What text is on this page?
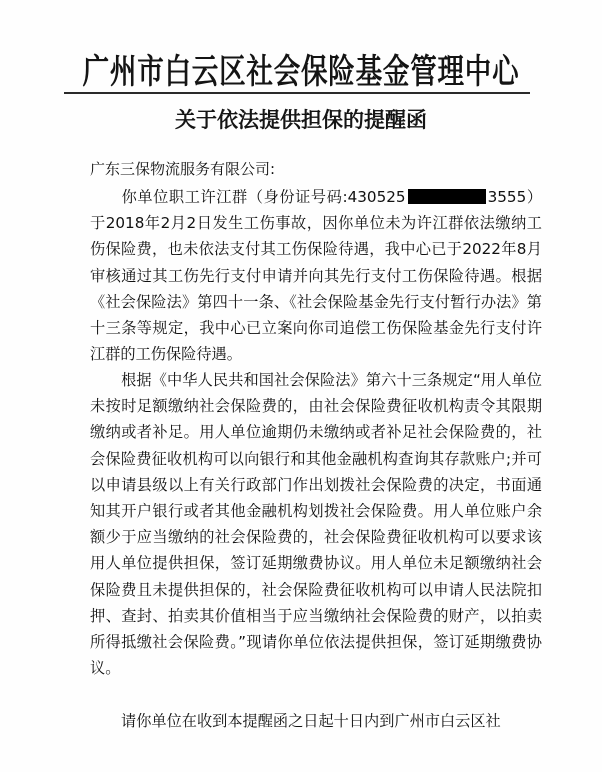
广州市白云区社会保险基金管理中心
关于依法提供担保的提醒函
广东三保物流服务有限公司:
你单位职工许江群（身份证号码:430525	3555）于2018年2月2日发生工伤事故，因你单位未为许江群依法缴纳工伤保险费，也未依法支付其工伤保险待遇，我中心已于2022年8月审核通过其工伤先行支付申请并向其先行支付工伤保险待遇。根据《社会保险法》第四十一条、《社会保险基金先行支付暂行办法》第十三条等规定，我中心已立案向你司追偿工伤保险基金先行支付许江群的工伤保险待遇。
根据《中华人民共和国社会保险法》第六十三条规定“用人单位未按时足额缴纳社会保险费的，由社会保险费征收机构责令其限期缴纳或者补足。用人单位逾期仍未缴纳或者补足社会保险费的，社会保险费征收机构可以向银行和其他金融机构查询其存款账户;并可以申请县级以上有关行政部门作出划拨社会保险费的决定，书面通知其开户银行或者其他金融机构划拨社会保险费。用人单位账户余额少于应当缴纳的社会保险费的，社会保险费征收机构可以要求该用人单位提供担保，签订延期缴费协议。用人单位未足额缴纳社会保险费且未提供担保的，社会保险费征收机构可以申请人民法院扣押、查封、拍卖其价值相当于应当缴纳社会保险费的财产，以拍卖所得抵缴社会保险费。”现请你单位依法提供担保，签订延期缴费协议。
请你单位在收到本提醒函之日起十日内到广州市白云区社
